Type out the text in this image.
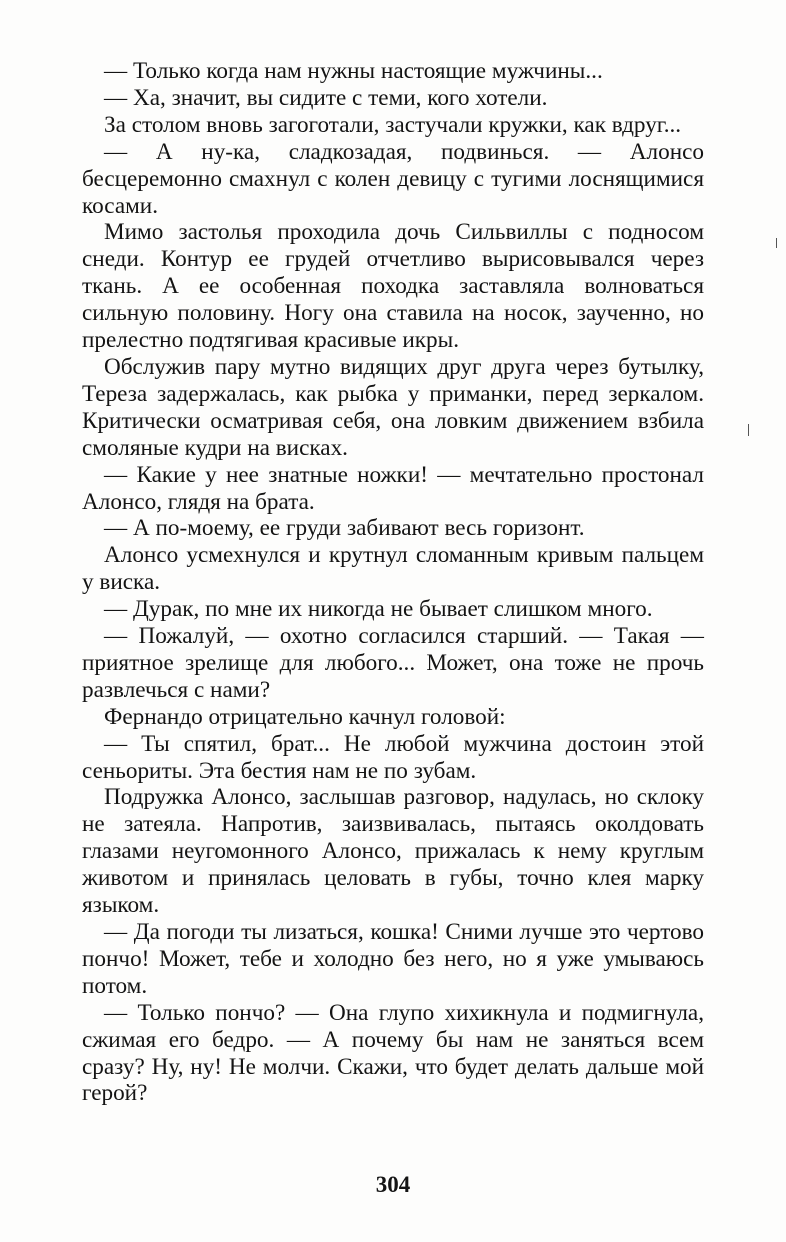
— Только когда нам нужны настоящие мужчины...

— Ха, значит, вы сидите с теми, кого хотели.

За столом вновь загоготали, застучали кружки, как вдруг...

— А ну-ка, сладкозадая, подвинься. — Алонсо бесцеремонно смахнул с колен девицу с тугими лоснящимися косами.

Мимо застолья проходила дочь Сильвиллы с подносом снеди. Контур ее грудей отчетливо вырисовывался через ткань. А ее особенная походка заставляла волноваться сильную половину. Ногу она ставила на носок, заученно, но прелестно подтягивая красивые икры.

Обслужив пару мутно видящих друг друга через бутылку, Тереза задержалась, как рыбка у приманки, перед зеркалом. Критически осматривая себя, она ловким движением взбила смоляные кудри на висках.

— Какие у нее знатные ножки! — мечтательно простонал Алонсо, глядя на брата.

— А по-моему, ее груди забивают весь горизонт.

Алонсо усмехнулся и крутнул сломанным кривым пальцем у виска.

— Дурак, по мне их никогда не бывает слишком много.

— Пожалуй, — охотно согласился старший. — Такая — приятное зрелище для любого... Может, она тоже не прочь развлечься с нами?

Фернандо отрицательно качнул головой:

— Ты спятил, брат... Не любой мужчина достоин этой сеньориты. Эта бестия нам не по зубам.

Подружка Алонсо, заслышав разговор, надулась, но склоку не затеяла. Напротив, заизвивалась, пытаясь околдовать глазами неугомонного Алонсо, прижалась к нему круглым животом и принялась целовать в губы, точно клея марку языком.

— Да погоди ты лизаться, кошка! Сними лучше это чертово пончо! Может, тебе и холодно без него, но я уже умываюсь потом.

— Только пончо? — Она глупо хихикнула и подмигнула, сжимая его бедро. — А почему бы нам не заняться всем сразу? Ну, ну! Не молчи. Скажи, что будет делать дальше мой герой?

304
